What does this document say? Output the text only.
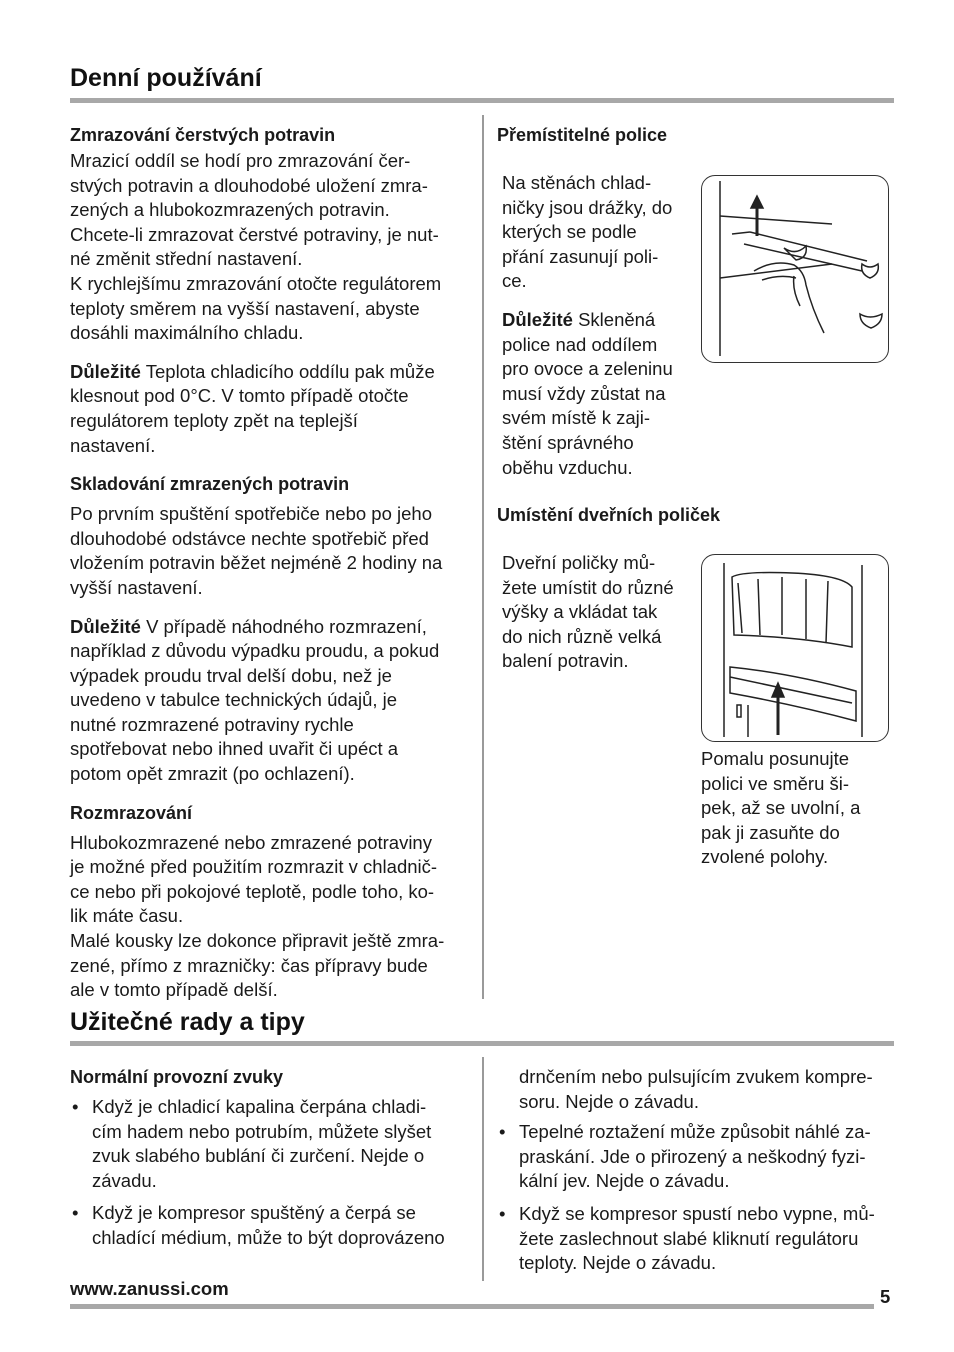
Denní používání
Zmrazování čerstvých potravin

Mrazicí oddíl se hodí pro zmrazování čer-
stvých potravin a dlouhodobé uložení zmra-
zených a hlubokozmrazených potravin.
Chcete-li zmrazovat čerstvé potraviny, je nut-
né změnit střední nastavení.
K rychlejšímu zmrazování otočte regulátorem
teploty směrem na vyšší nastavení, abyste
dosáhli maximálního chladu.

Důležité Teplota chladicího oddílu pak může
klesnout pod 0°C. V tomto případě otočte
regulátorem teploty zpět na teplejší
nastavení.

Skladování zmrazených potravin

Po prvním spuštění spotřebiče nebo po jeho
dlouhodobé odstávce nechte spotřebič před
vložením potravin běžet nejméně 2 hodiny na
vyšší nastavení.

Důležité V případě náhodného rozmrazení,
například z důvodu výpadku proudu, a pokud
výpadek proudu trval delší dobu, než je
uvedeno v tabulce technických údajů, je
nutné rozmrazené potraviny rychle
spotřebovat nebo ihned uvařit či upéct a
potom opět zmrazit (po ochlazení).

Rozmrazování

Hlubokozmrazené nebo zmrazené potraviny
je možné před použitím rozmrazit v chladnič-
ce nebo při pokojové teplotě, podle toho, ko-
lik máte času.
Malé kousky lze dokonce připravit ještě zmra-
zené, přímo z mrazničky: čas přípravy bude
ale v tomto případě delší.

Přemístitelné police

Na stěnách chlad-
ničky jsou drážky, do
kterých se podle
přání zasunují poli-
ce.

Důležité Skleněná
police nad oddílem
pro ovoce a zeleninu
musí vždy zůstat na
svém místě k zaji-
štění správného
oběhu vzduchu.

Umístění dveřních poliček

Dveřní poličky mů-
žete umístit do různé
výšky a vkládat tak
do nich různě velká
balení potravin.

Pomalu posunujte
polici ve směru ši-
pek, až se uvolní, a
pak ji zasuňte do
zvolené polohy.

Užitečné rady a tipy
Normální provozní zvuky
• Když je chladicí kapalina čerpána chladi-
cím hadem nebo potrubím, můžete slyšet
zvuk slabého bublání či zurčení. Nejde o
závadu.
• Když je kompresor spuštěný a čerpá se
chladící médium, může to být doprovázeno

drnčením nebo pulsujícím zvukem kompre-
soru. Nejde o závadu.

• Tepelné roztažení může způsobit náhlé za-
praskání. Jde o přirozený a neškodný fyzi-
kální jev. Nejde o závadu.
• Když se kompresor spustí nebo vypne, mů-
žete zaslechnout slabé kliknutí regulátoru
teploty. Nejde o závadu.
www.zanussi.com	5
